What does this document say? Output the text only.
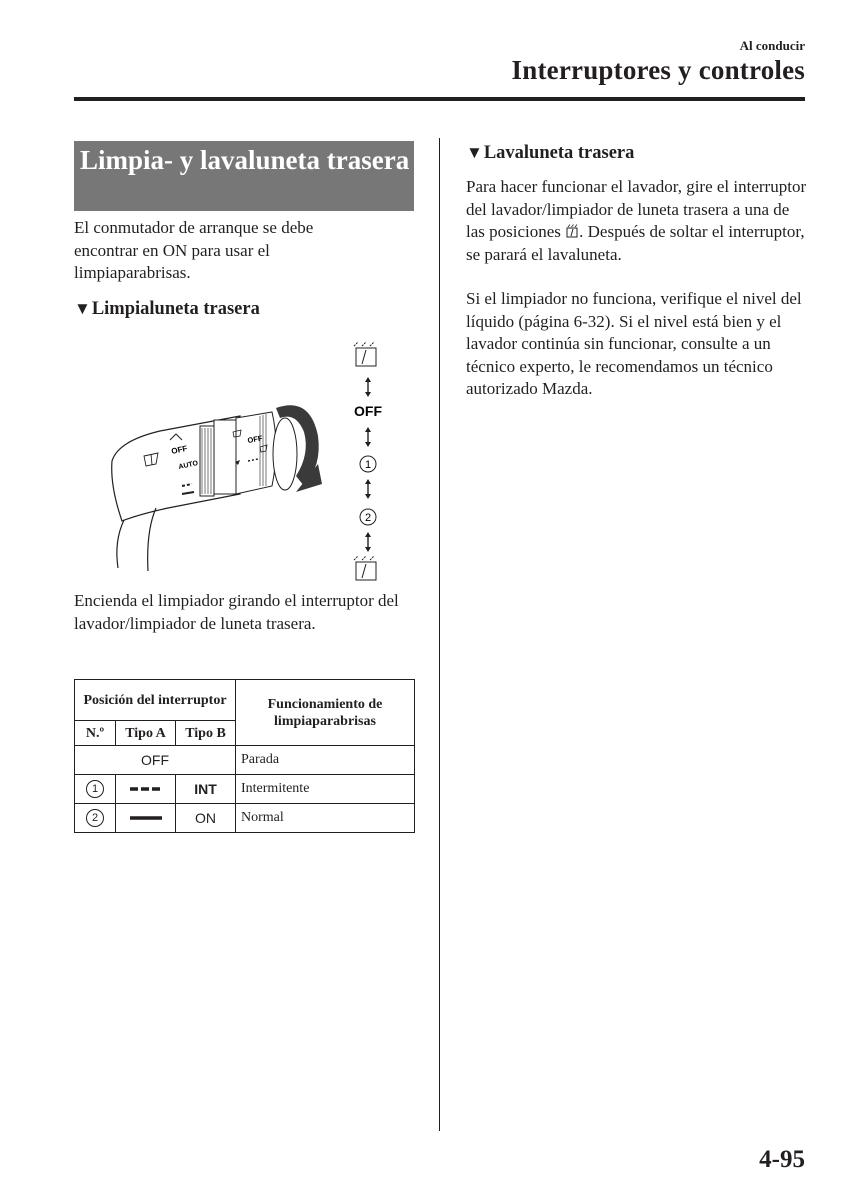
Al conducir
Interruptores y controles
Limpia- y lavaluneta trasera

El conmutador de arranque se debe encontrar en ON para usar el limpiaparabrisas.

▼Limpialuneta trasera
OFF
AUTO
OFF
OFF
1
2

Encienda el limpiador girando el interruptor del lavador/limpiador de luneta trasera.

Posición del interruptor			Funcionamiento de limpiaparabrisas
N.º	Tipo A	Tipo B	
OFF			Parada
1		INT	Intermitente
2		ON	Normal
▼Lavaluneta trasera

Para hacer funcionar el lavador, gire el interruptor del lavador/limpiador de luneta trasera a una de las posiciones . Después de soltar el interruptor, se parará el lavaluneta.

Si el limpiador no funciona, verifique el nivel del líquido (página 6-32). Si el nivel está bien y el lavador continúa sin funcionar, consulte a un técnico experto, le recomendamos un técnico autorizado Mazda.

4-95
